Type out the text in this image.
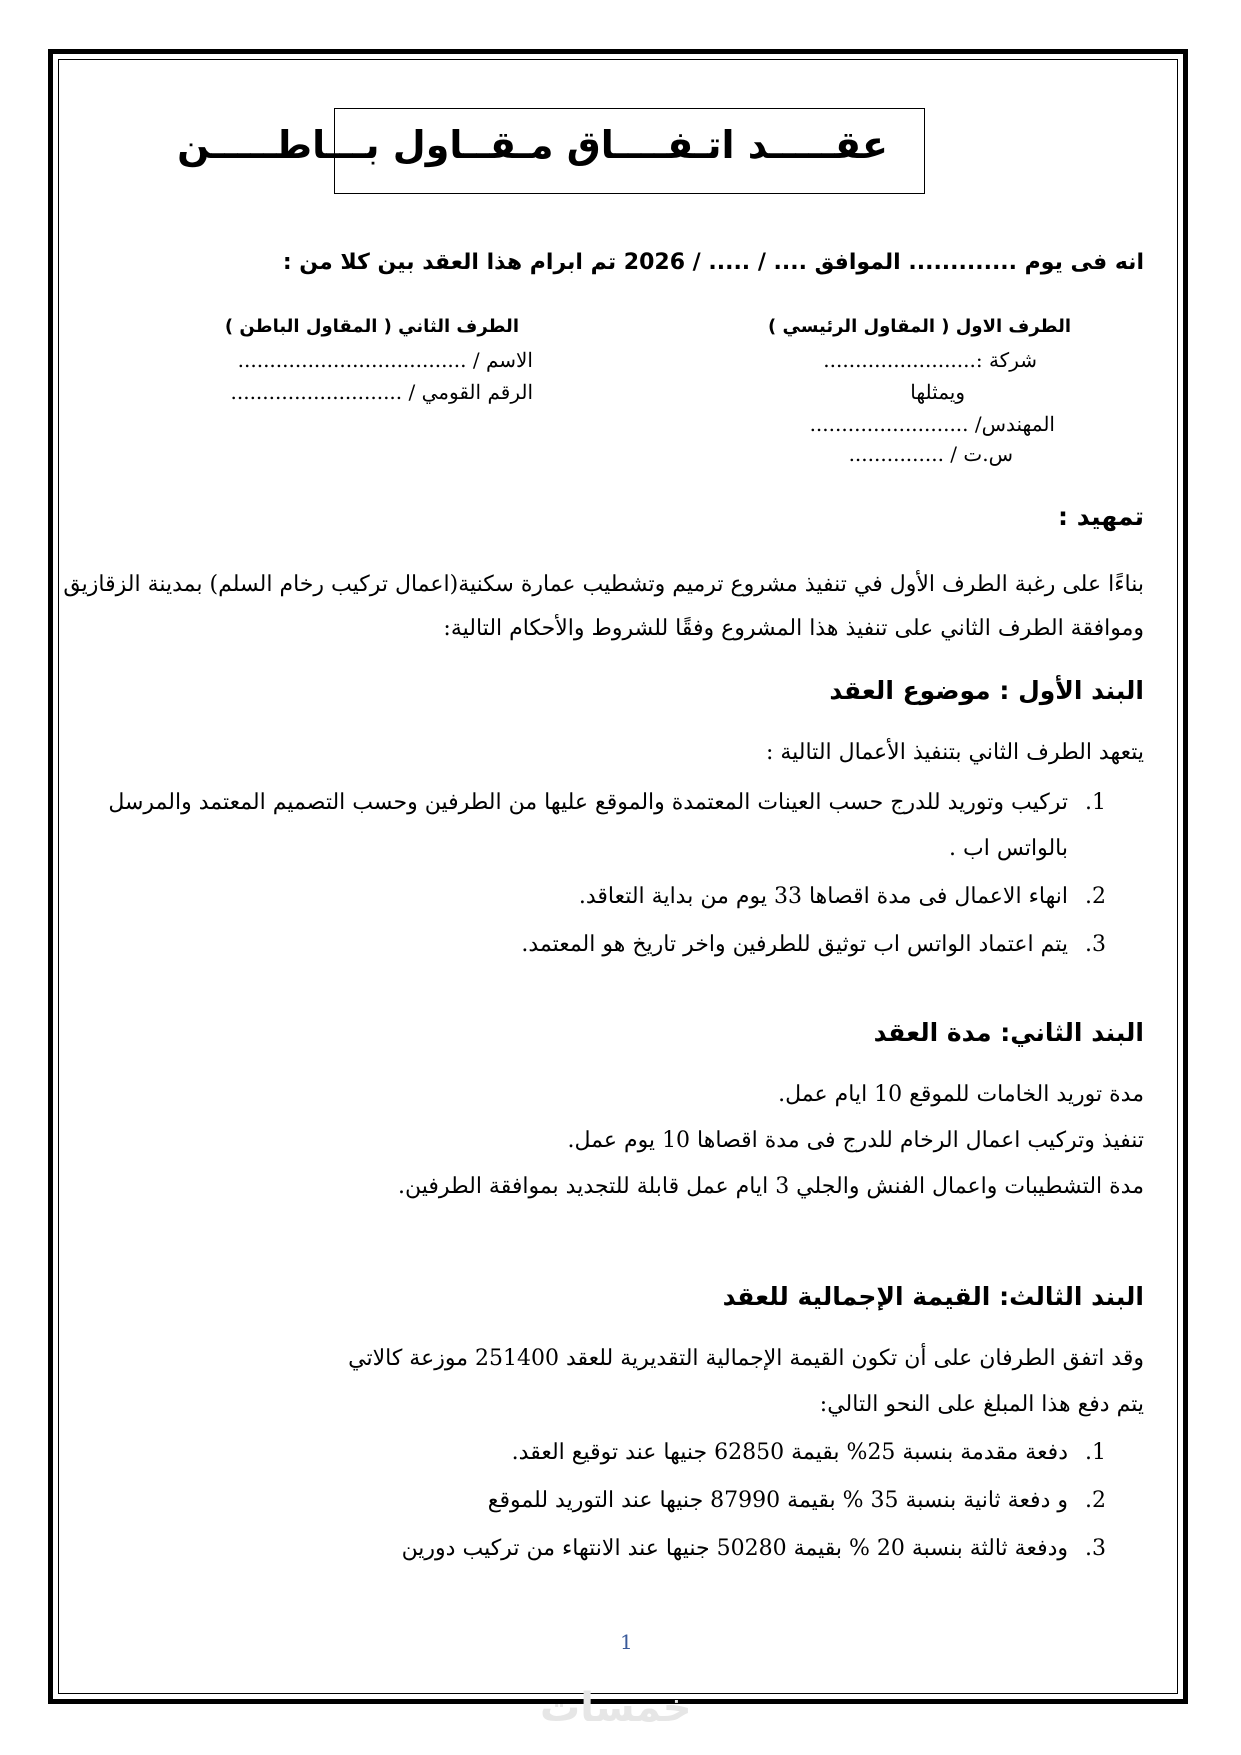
عقـــــد اتـفــــاق مـقــاول بـــاطـــــن
انه فى يوم ............. الموافق .... / ..... / 2026 تم ابرام هذا العقد بين كلا من :
الطرف الاول ( المقاول الرئيسي )
شركة :........................
ويمثلها
المهندس/ .........................
س.ت / ...............
الطرف الثاني ( المقاول الباطن )
الاسم / ....................................
الرقم القومي / ...........................
تمهيد :
بناءًا على رغبة الطرف الأول في تنفيذ مشروع ترميم وتشطيب عمارة سكنية(اعمال تركيب رخام السلم) بمدينة الزقازيق
وموافقة الطرف الثاني على تنفيذ هذا المشروع وفقًا للشروط والأحكام التالية:
البند الأول : موضوع العقد
يتعهد الطرف الثاني بتنفيذ الأعمال التالية :
1.تركيب وتوريد للدرج حسب العينات المعتمدة والموقع عليها من الطرفين وحسب التصميم المعتمد والمرسل
بالواتس اب .
2.انهاء الاعمال فى مدة اقصاها 33 يوم من بداية التعاقد.
3.يتم اعتماد الواتس اب توثيق للطرفين واخر تاريخ هو المعتمد.
البند الثاني: مدة العقد
مدة توريد الخامات للموقع 10 ايام عمل.
تنفيذ وتركيب اعمال الرخام للدرج فى مدة اقصاها 10 يوم عمل.
مدة التشطيبات واعمال الفنش والجلي 3 ايام عمل قابلة للتجديد بموافقة الطرفين.
البند الثالث: القيمة الإجمالية للعقد
وقد اتفق الطرفان على أن تكون القيمة الإجمالية التقديرية للعقد 251400 موزعة كالاتي
يتم دفع هذا المبلغ على النحو التالي:
1.دفعة مقدمة بنسبة 25% بقيمة 62850 جنيها عند توقيع العقد.
2.و دفعة ثانية بنسبة 35 % بقيمة 87990 جنيها عند التوريد للموقع
3.ودفعة ثالثة بنسبة 20 % بقيمة 50280 جنيها عند الانتهاء من تركيب دورين
1
خمسات
